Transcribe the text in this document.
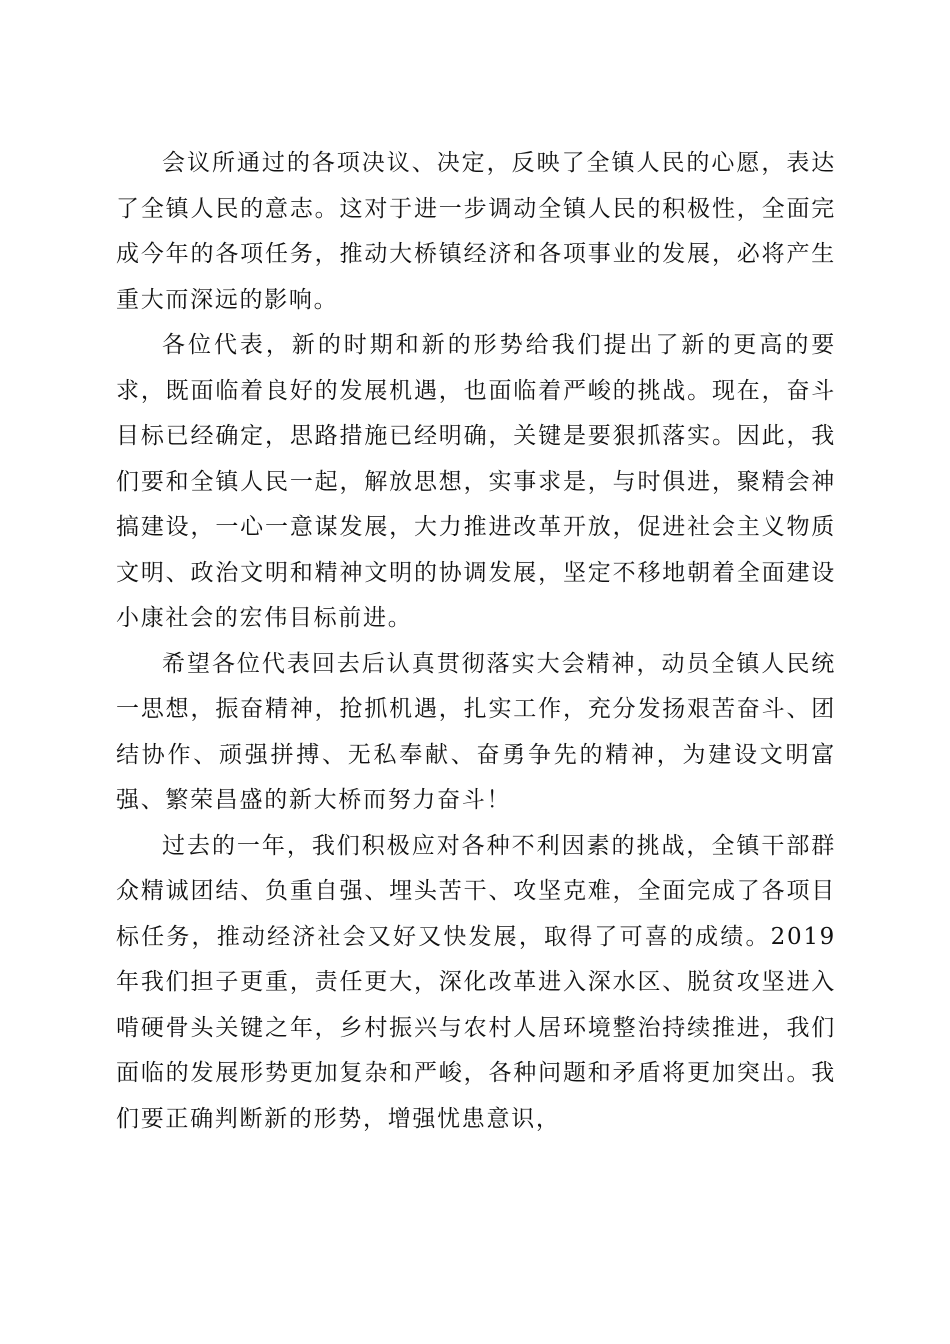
会议所通过的各项决议、决定，反映了全镇人民的心愿，表达了全镇人民的意志。这对于进一步调动全镇人民的积极性，全面完成今年的各项任务，推动大桥镇经济和各项事业的发展，必将产生重大而深远的影响。

各位代表，新的时期和新的形势给我们提出了新的更高的要求，既面临着良好的发展机遇，也面临着严峻的挑战。现在，奋斗目标已经确定，思路措施已经明确，关键是要狠抓落实。因此，我们要和全镇人民一起，解放思想，实事求是，与时俱进，聚精会神搞建设，一心一意谋发展，大力推进改革开放，促进社会主义物质文明、政治文明和精神文明的协调发展，坚定不移地朝着全面建设小康社会的宏伟目标前进。

希望各位代表回去后认真贯彻落实大会精神，动员全镇人民统一思想，振奋精神，抢抓机遇，扎实工作，充分发扬艰苦奋斗、团结协作、顽强拼搏、无私奉献、奋勇争先的精神，为建设文明富强、繁荣昌盛的新大桥而努力奋斗！

过去的一年，我们积极应对各种不利因素的挑战，全镇干部群众精诚团结、负重自强、埋头苦干、攻坚克难，全面完成了各项目标任务，推动经济社会又好又快发展，取得了可喜的成绩。2019年我们担子更重，责任更大，深化改革进入深水区、脱贫攻坚进入啃硬骨头关键之年，乡村振兴与农村人居环境整治持续推进，我们面临的发展形势更加复杂和严峻，各种问题和矛盾将更加突出。我们要正确判断新的形势，增强忧患意识，
